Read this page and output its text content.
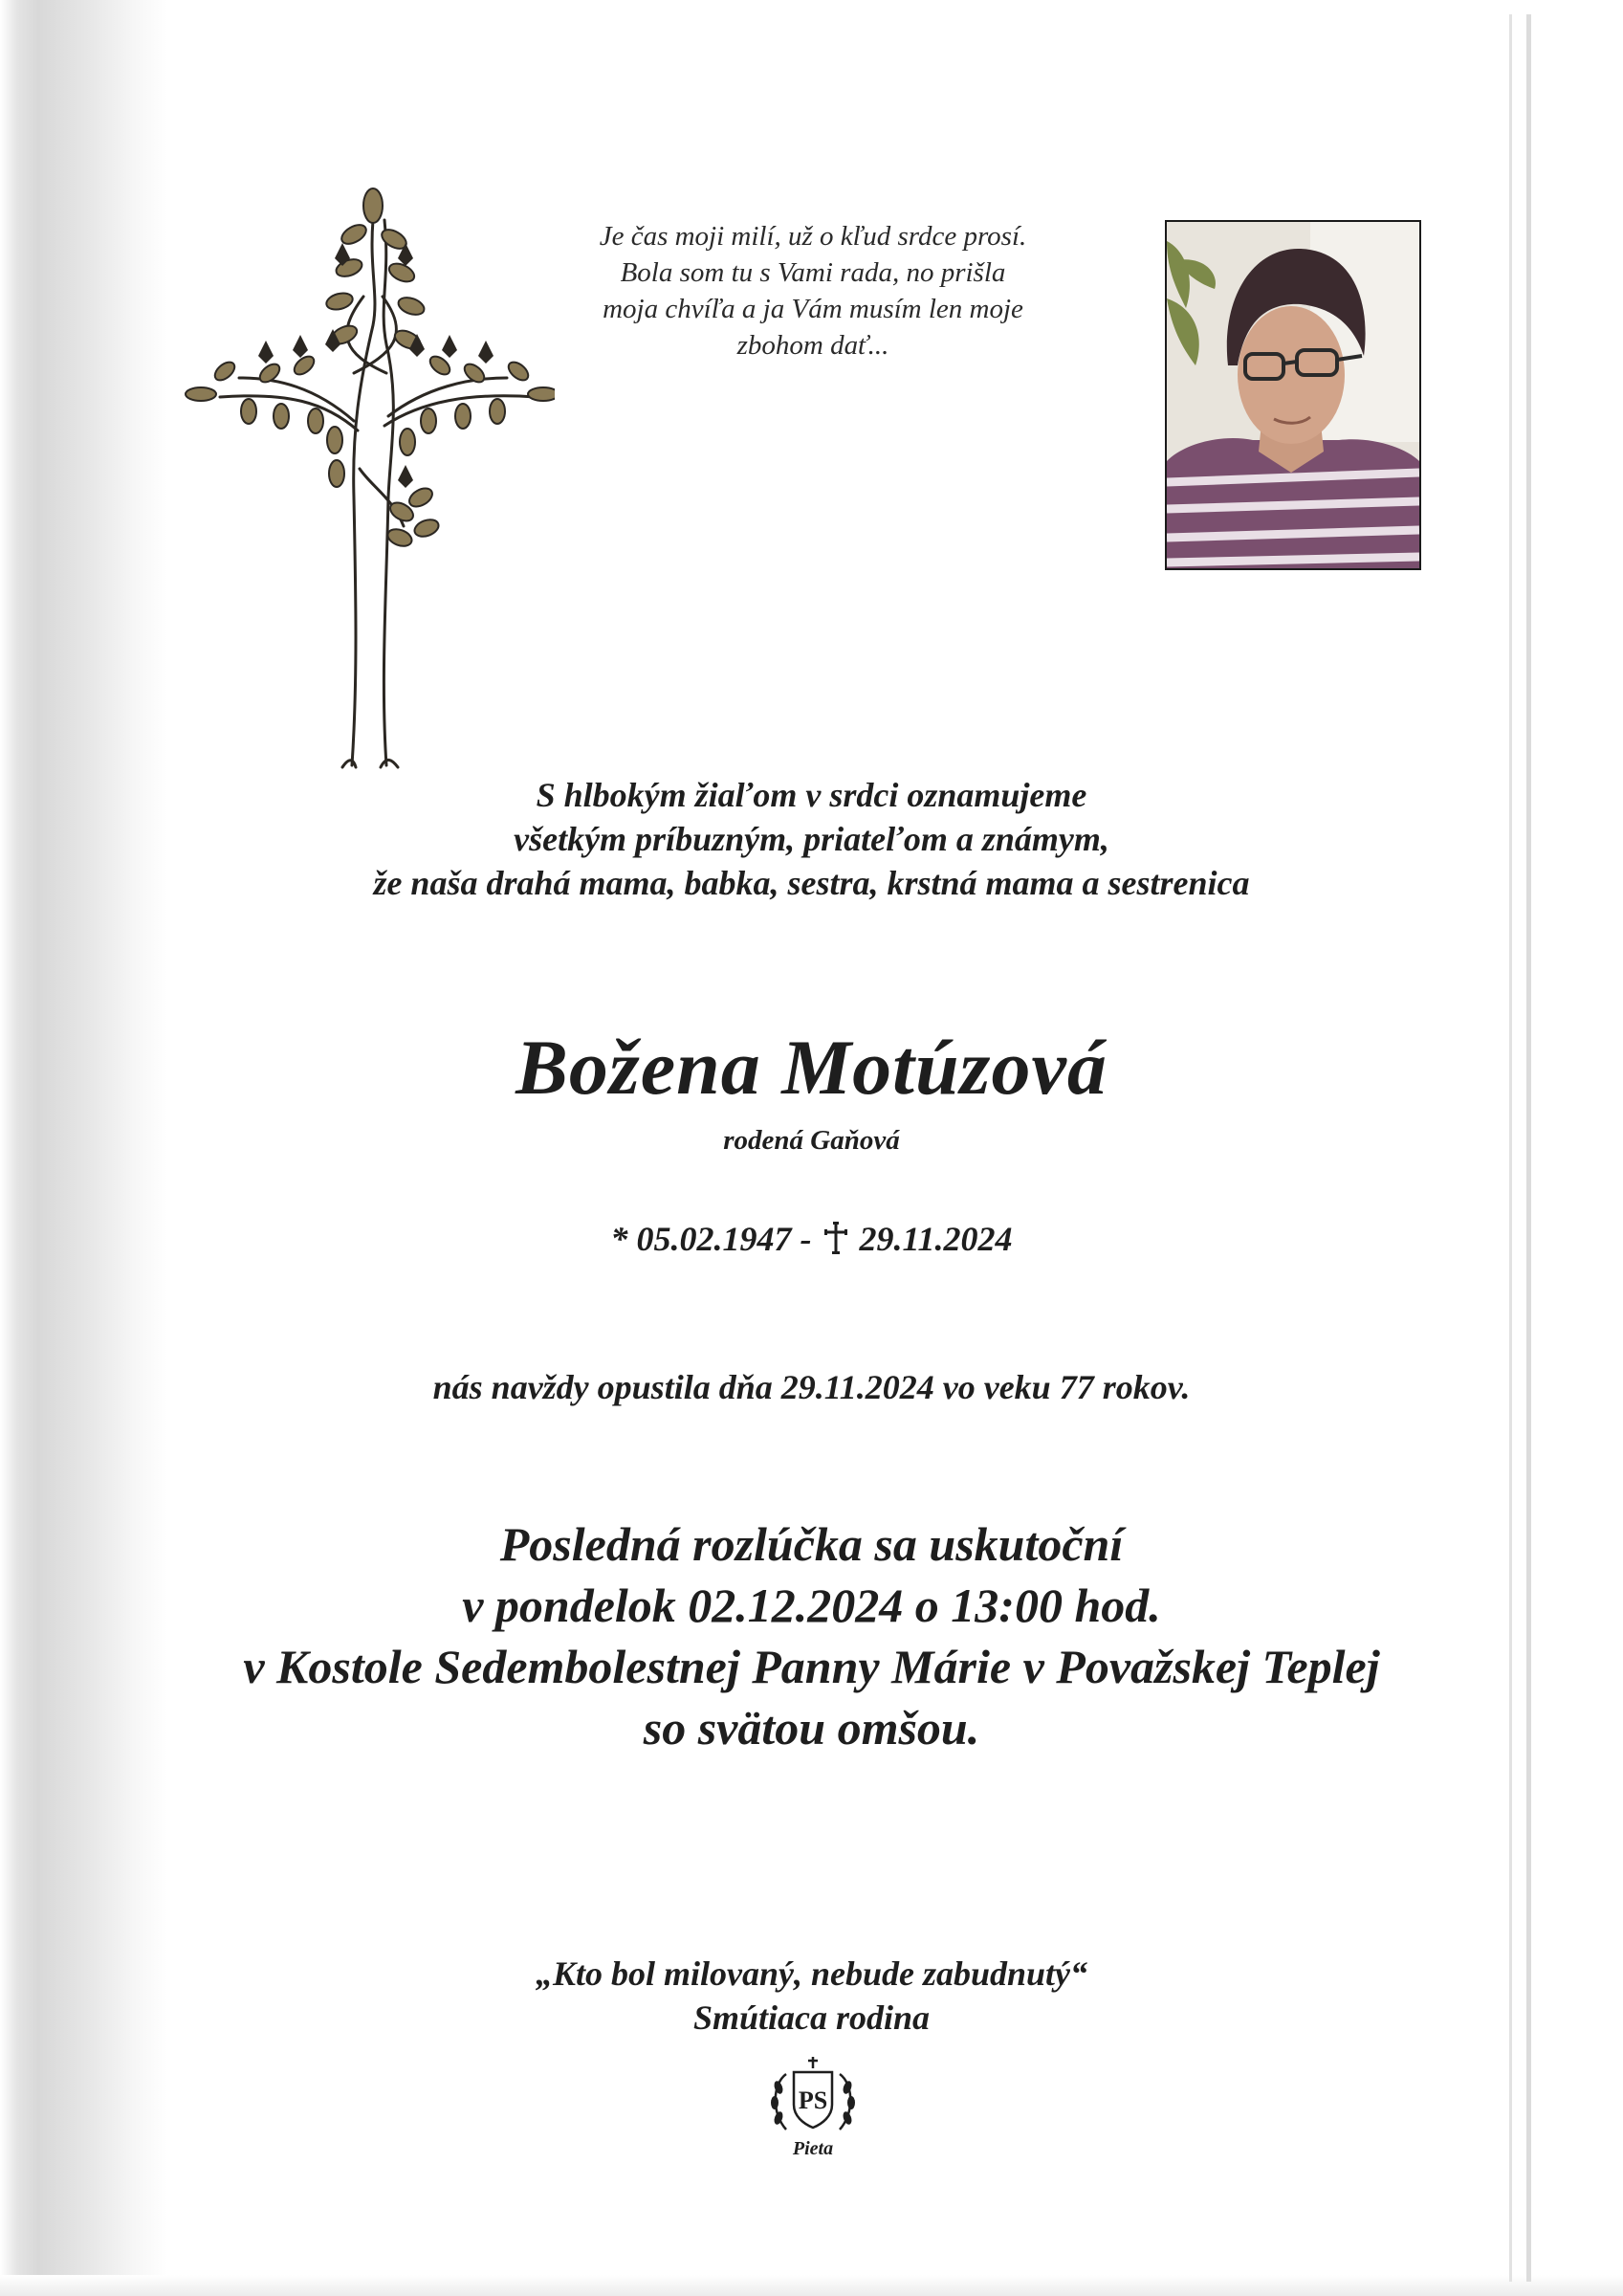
Je čas moji milí, už o kľud srdce prosí.
Bola som tu s Vami rada, no prišla
moja chvíľa a ja Vám musím len moje
zbohom dať...
S hlbokým žiaľom v srdci oznamujeme
všetkým príbuzným, priateľom a známym,
že naša drahá mama, babka, sestra, krstná mama a sestrenica
Božena Motúzová
rodená Gaňová
* 05.02.1947 - 29.11.2024
nás navždy opustila dňa 29.11.2024 vo veku 77 rokov.
Posledná rozlúčka sa uskutoční
v pondelok 02.12.2024 o 13:00 hod.
v Kostole Sedembolestnej Panny Márie v Považskej Teplej
so svätou omšou.
„Kto bol milovaný, nebude zabudnutý“
Smútiaca rodina
PS
Pieta
